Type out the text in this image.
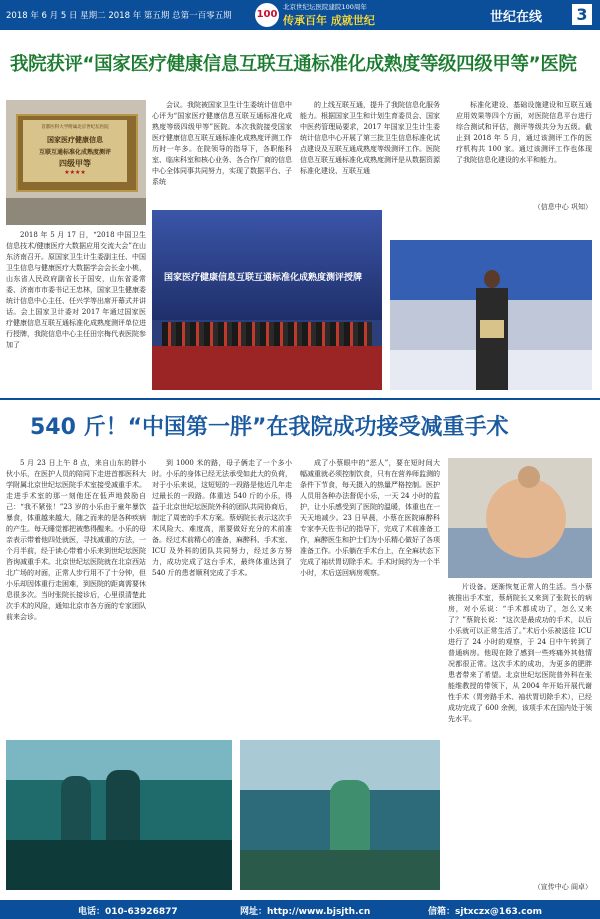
2018 年 6 月 5 日 星期二 2018 年 第五期 总第一百零五期 100
北京世纪坛医院建院100周年
传承百年 成就世纪	世纪在线 3
我院获评“国家医疗健康信息互联互通标准化成熟度等级四级甲等”医院
首都医科大学附属北京世纪坛医院
国家医疗健康信息
互联互通标准化成熟度测评
四级甲等
★★★★

2018 年 5 月 17 日，“2018 中国卫生信息技术/健康医疗大数据应用交流大会”在山东济南召开。原国家卫生计生委副主任、中国卫生信息与健康医疗大数据学会会长金小桃，山东省人民政府副省长于国安，山东省委常委、济南市市委书记王忠林，国家卫生健康委统计信息中心主任、任兴学等出席开幕式并讲话。会上国家卫计委对 2017 年通过国家医疗健康信息互联互通标准化成熟度测评单位进行授牌，我院信息中心主任田宗梅代表医院参加了

会议。我院被国家卫生计生委统计信息中心评为“国家医疗健康信息互联互通标准化成熟度等级四级甲等”医院。本次我院接受国家医疗健康信息互联互通标准化成熟度评测工作历时一年多。在院领导的指导下，各职能科室、临床科室和核心业务、各合作厂商的信息中心全体同事共同努力，实现了数据平台、子系统

的上线互联互通，提升了我院信息化服务能力。根据国家卫生和计划生育委员会、国家中医药管理局要求，2017 年国家卫生计生委统计信息中心开展了第三批卫生信息标准化试点建设及互联互通成熟度等级测评工作。医院信息互联互通标准化成熟度测评是从数据资源标准化建设、互联互通

标准化建设、基础设施建设和互联互通应用效果等四个方面，对医院信息平台进行综合测试和评估，测评等级共分为五级。截止到 2018 年 5 月，通过该测评工作的医疗机构共 100 家。通过该测评工作也体现了我院信息化建设的水平和能力。

（信息中心 巩知）

国家医疗健康信息互联互通标准化成熟度测评授牌
540 斤！“中国第一胖”在我院成功接受减重手术

5 月 23 日上午 8 点，来自山东的胖小伙小乐，在医护人员的陪同下走进首都医科大学附属北京世纪坛医院手术室接受减重手术。走进手术室的那一刻他还在低声地鼓励自己：“我不紧张！”23 岁的小乐由于童年暴饮暴食，体重越来越大，随之而来的是各种疾病的产生。每天睡觉都把被憋得醒来。小乐的母亲表示带着他四处就医，寻找减重的方法，一个月半前，经于读心带着小乐来到世纪坛医院咨询减重手术。北京世纪坛医院就在北京西站北广场的对面，正常人步行用不了十分钟，但小乐却因体重行走困难，到医院的距离需要休息很多次。当时张院长接诊后，心里很清楚此次手术的风险，通知北京市各方面的专家团队前来会诊。

到 1000 米的路，母子俩走了一个多小时。小乐的身体已经无法承受如此大的负荷，对于小乐来说，这短短的一段路是他近几年走过最长的一段路。体重达 540 斤的小乐，得益于北京世纪坛医院外科的团队共同协商后，制定了周密的手术方案。蔡炳院长表示这次手术风险大、难度高，需要做好充分的术前准备。经过术前精心的准备，麻醉科、手术室、ICU 及外科的团队共同努力，经过多方努力，成功完成了这台手术，最终体重达到了 540 斤的患者顺利完成了手术。

成了小蔡眼中的“恶人”，要在短时间大幅减重就必须控制饮食，只有在营养师监测的条件下节食，每天摄入的热量严格控制。医护人员用各种办法督促小乐，一天 24 小时的监护，让小乐感受到了医院的温暖，体重也在一天天地减少。23 日早晨，小蔡在医院麻醉科专家李天佐书记的指导下，完成了术前准备工作，麻醉医生和护士们为小乐精心做好了各项准备工作。小乐躺在手术台上，在全麻状态下完成了袖状胃切除手术。手术时间约为一个半小时，术后送回病房观察。

片设备。逐渐恢复正常人的生活。当小蔡被推出手术室，蔡炳院长又来到了张院长的病房，对小乐说：“手术都成功了，怎么又来了？”蔡院长说：“这次是最成功的手术，以后小乐就可以正常生活了。”术后小乐被送往 ICU 进行了 24 小时的观察，于 24 日中午转到了普通病房。他现在除了感到一些疼痛外其他情况都很正常。这次手术的成功，为更多的肥胖患者带来了希望。北京世纪坛医院普外科在张能维教授的带领下，从 2004 年开始开展代谢性手术（胃旁路手术、袖状胃切除手术），已经成功完成了 600 余例，该项手术在国内处于领先水平。

（宣传中心 阎卓）

电话：010-63926877	网址：http://www.bjsjth.cn	信箱：sjtxczx@163.com
